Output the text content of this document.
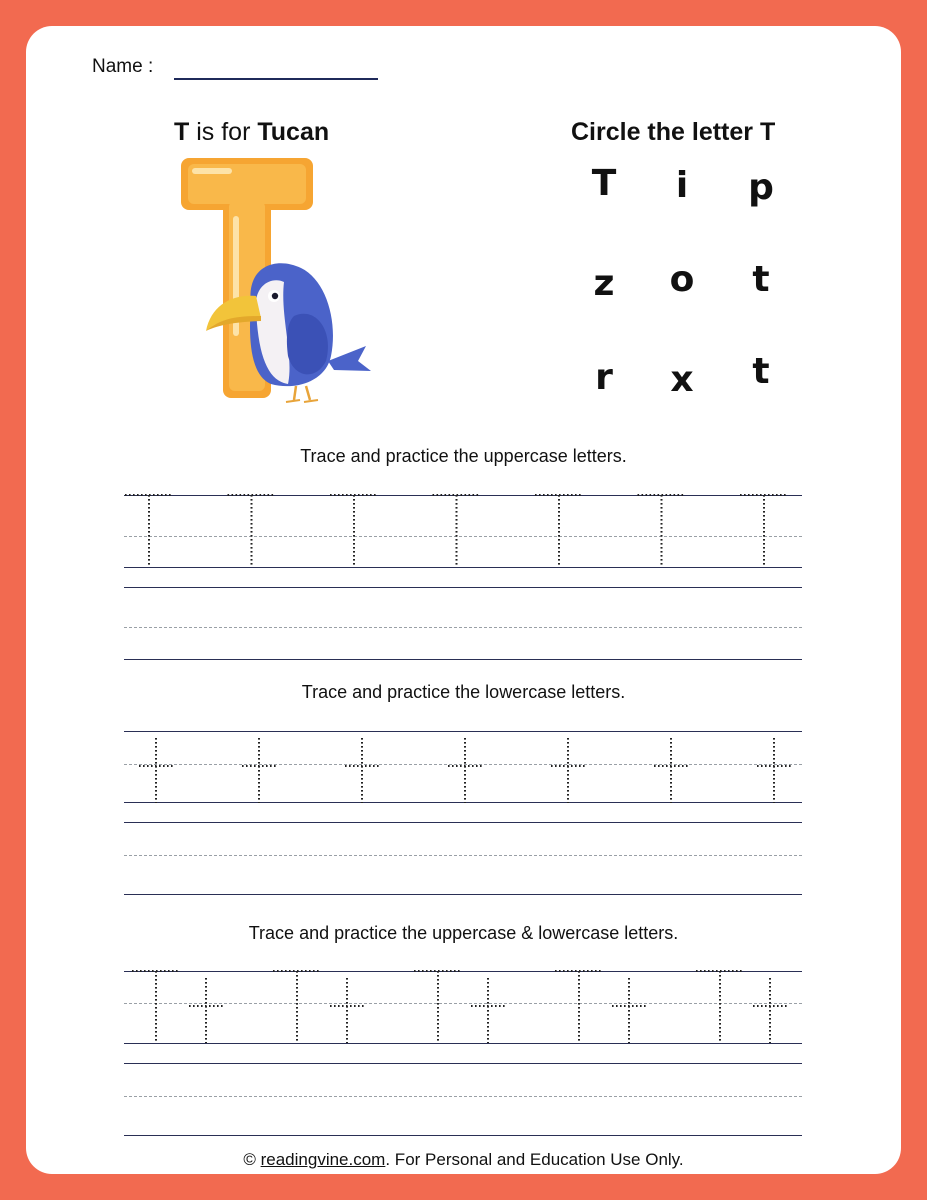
Name :
T is for Tucan	Circle the letter T
T	i	p
z	o	t
r	x	t
Trace and practice the uppercase letters.
Trace and practice the lowercase letters.
Trace and practice the uppercase & lowercase letters.
© readingvine.com. For Personal and Education Use Only.
